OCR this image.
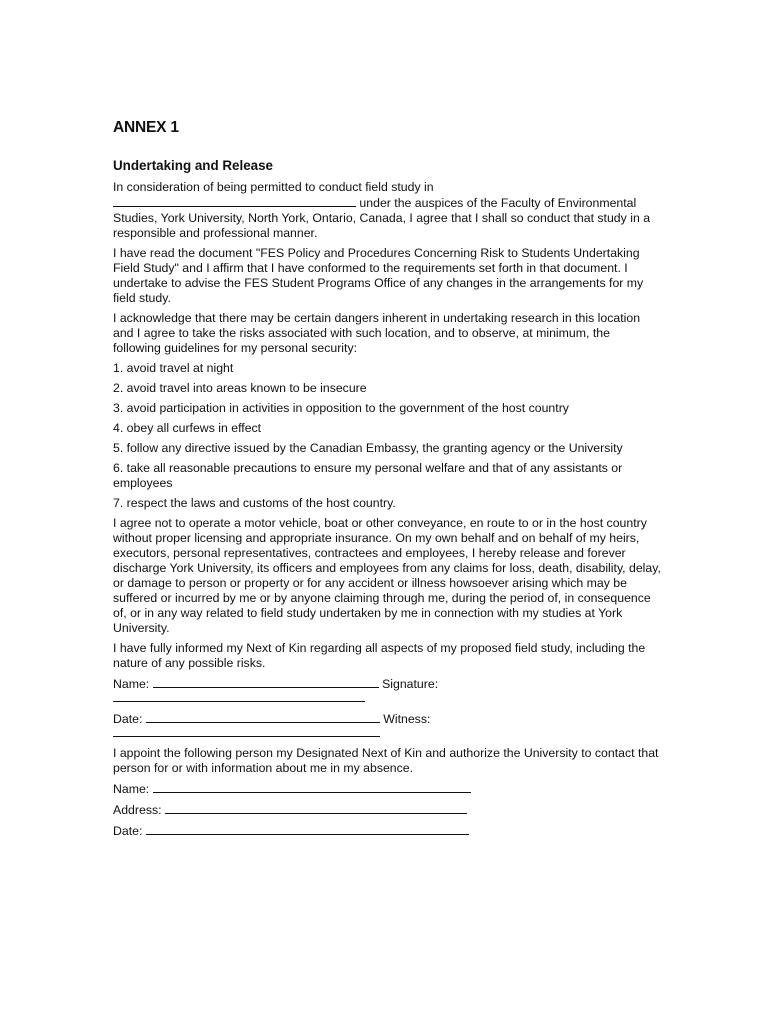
ANNEX 1
Undertaking and Release

In consideration of being permitted to conduct field study in
under the auspices of the Faculty of Environmental Studies, York University, North York, Ontario, Canada, I agree that I shall so conduct that study in a responsible and professional manner.

I have read the document "FES Policy and Procedures Concerning Risk to Students Undertaking Field Study" and I affirm that I have conformed to the requirements set forth in that document. I undertake to advise the FES Student Programs Office of any changes in the arrangements for my field study.

I acknowledge that there may be certain dangers inherent in undertaking research in this location and I agree to take the risks associated with such location, and to observe, at minimum, the following guidelines for my personal security:

1. avoid travel at night
2. avoid travel into areas known to be insecure
3. avoid participation in activities in opposition to the government of the host country
4. obey all curfews in effect
5. follow any directive issued by the Canadian Embassy, the granting agency or the University
6. take all reasonable precautions to ensure my personal welfare and that of any assistants or employees
7. respect the laws and customs of the host country.

I agree not to operate a motor vehicle, boat or other conveyance, en route to or in the host country without proper licensing and appropriate insurance. On my own behalf and on behalf of my heirs, executors, personal representatives, contractees and employees, I hereby release and forever discharge York University, its officers and employees from any claims for loss, death, disability, delay, or damage to person or property or for any accident or illness howsoever arising which may be suffered or incurred by me or by anyone claiming through me, during the period of, in consequence of, or in any way related to field study undertaken by me in connection with my studies at York University.

I have fully informed my Next of Kin regarding all aspects of my proposed field study, including the nature of any possible risks.

Name:	Signature:
Date:	Witness:

I appoint the following person my Designated Next of Kin and authorize the University to contact that person for or with information about me in my absence.

Name:
Address:
Date:
